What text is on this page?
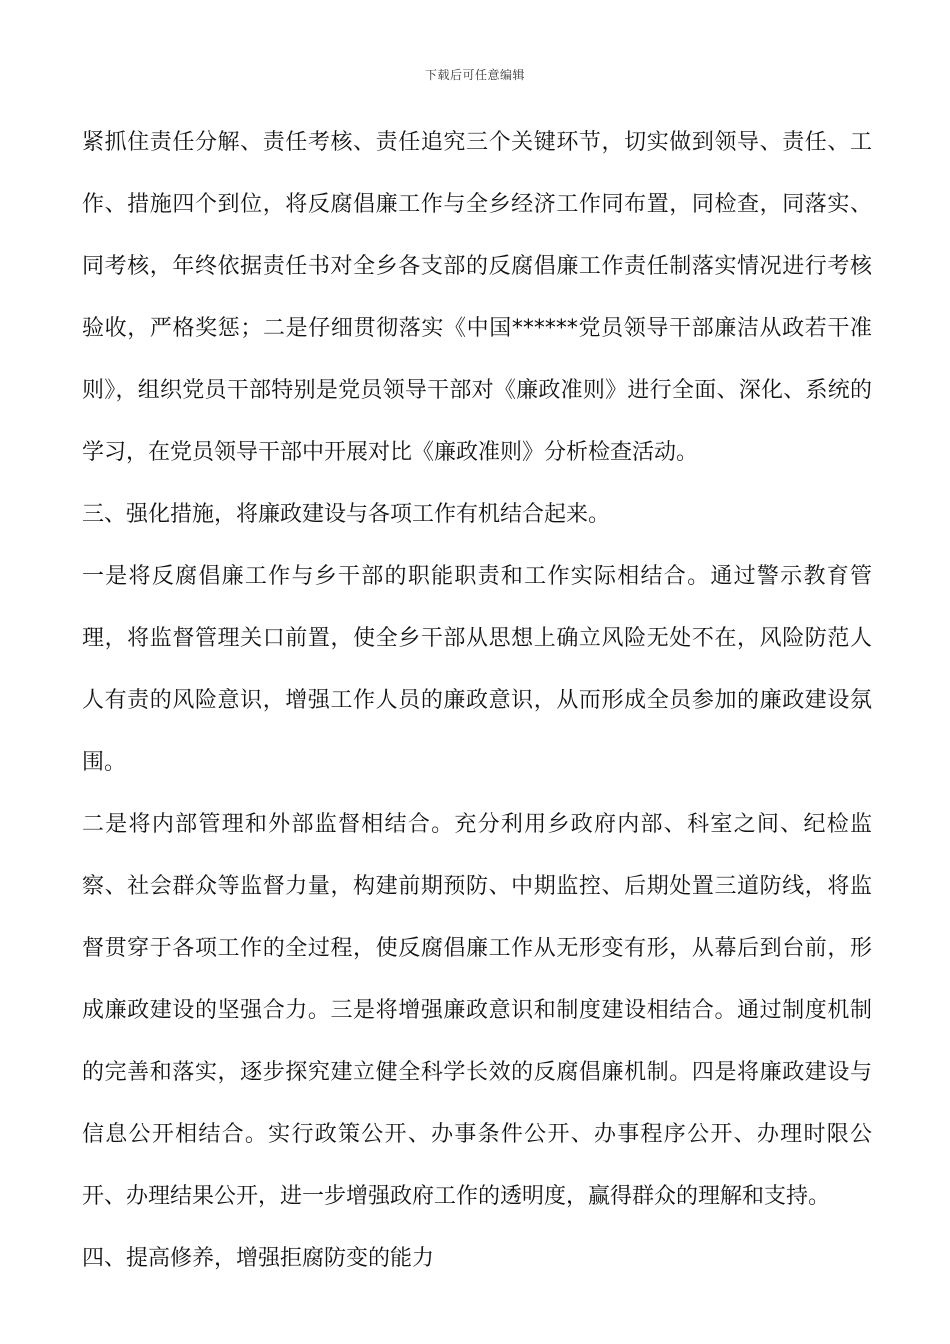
下载后可任意编辑

紧抓住责任分解、责任考核、责任追究三个关键环节，切实做到领导、责任、工作、措施四个到位，将反腐倡廉工作与全乡经济工作同布置，同检查，同落实、同考核，年终依据责任书对全乡各支部的反腐倡廉工作责任制落实情况进行考核验收，严格奖惩；二是仔细贯彻落实《中国******党员领导干部廉洁从政若干准则》，组织党员干部特别是党员领导干部对《廉政准则》进行全面、深化、系统的学习，在党员领导干部中开展对比《廉政准则》分析检查活动。

三、强化措施，将廉政建设与各项工作有机结合起来。

一是将反腐倡廉工作与乡干部的职能职责和工作实际相结合。通过警示教育管理，将监督管理关口前置，使全乡干部从思想上确立风险无处不在，风险防范人人有责的风险意识，增强工作人员的廉政意识，从而形成全员参加的廉政建设氛围。

二是将内部管理和外部监督相结合。充分利用乡政府内部、科室之间、纪检监察、社会群众等监督力量，构建前期预防、中期监控、后期处置三道防线，将监督贯穿于各项工作的全过程，使反腐倡廉工作从无形变有形，从幕后到台前，形成廉政建设的坚强合力。三是将增强廉政意识和制度建设相结合。通过制度机制的完善和落实，逐步探究建立健全科学长效的反腐倡廉机制。四是将廉政建设与信息公开相结合。实行政策公开、办事条件公开、办事程序公开、办理时限公开、办理结果公开，进一步增强政府工作的透明度，赢得群众的理解和支持。

四、提高修养，增强拒腐防变的能力
